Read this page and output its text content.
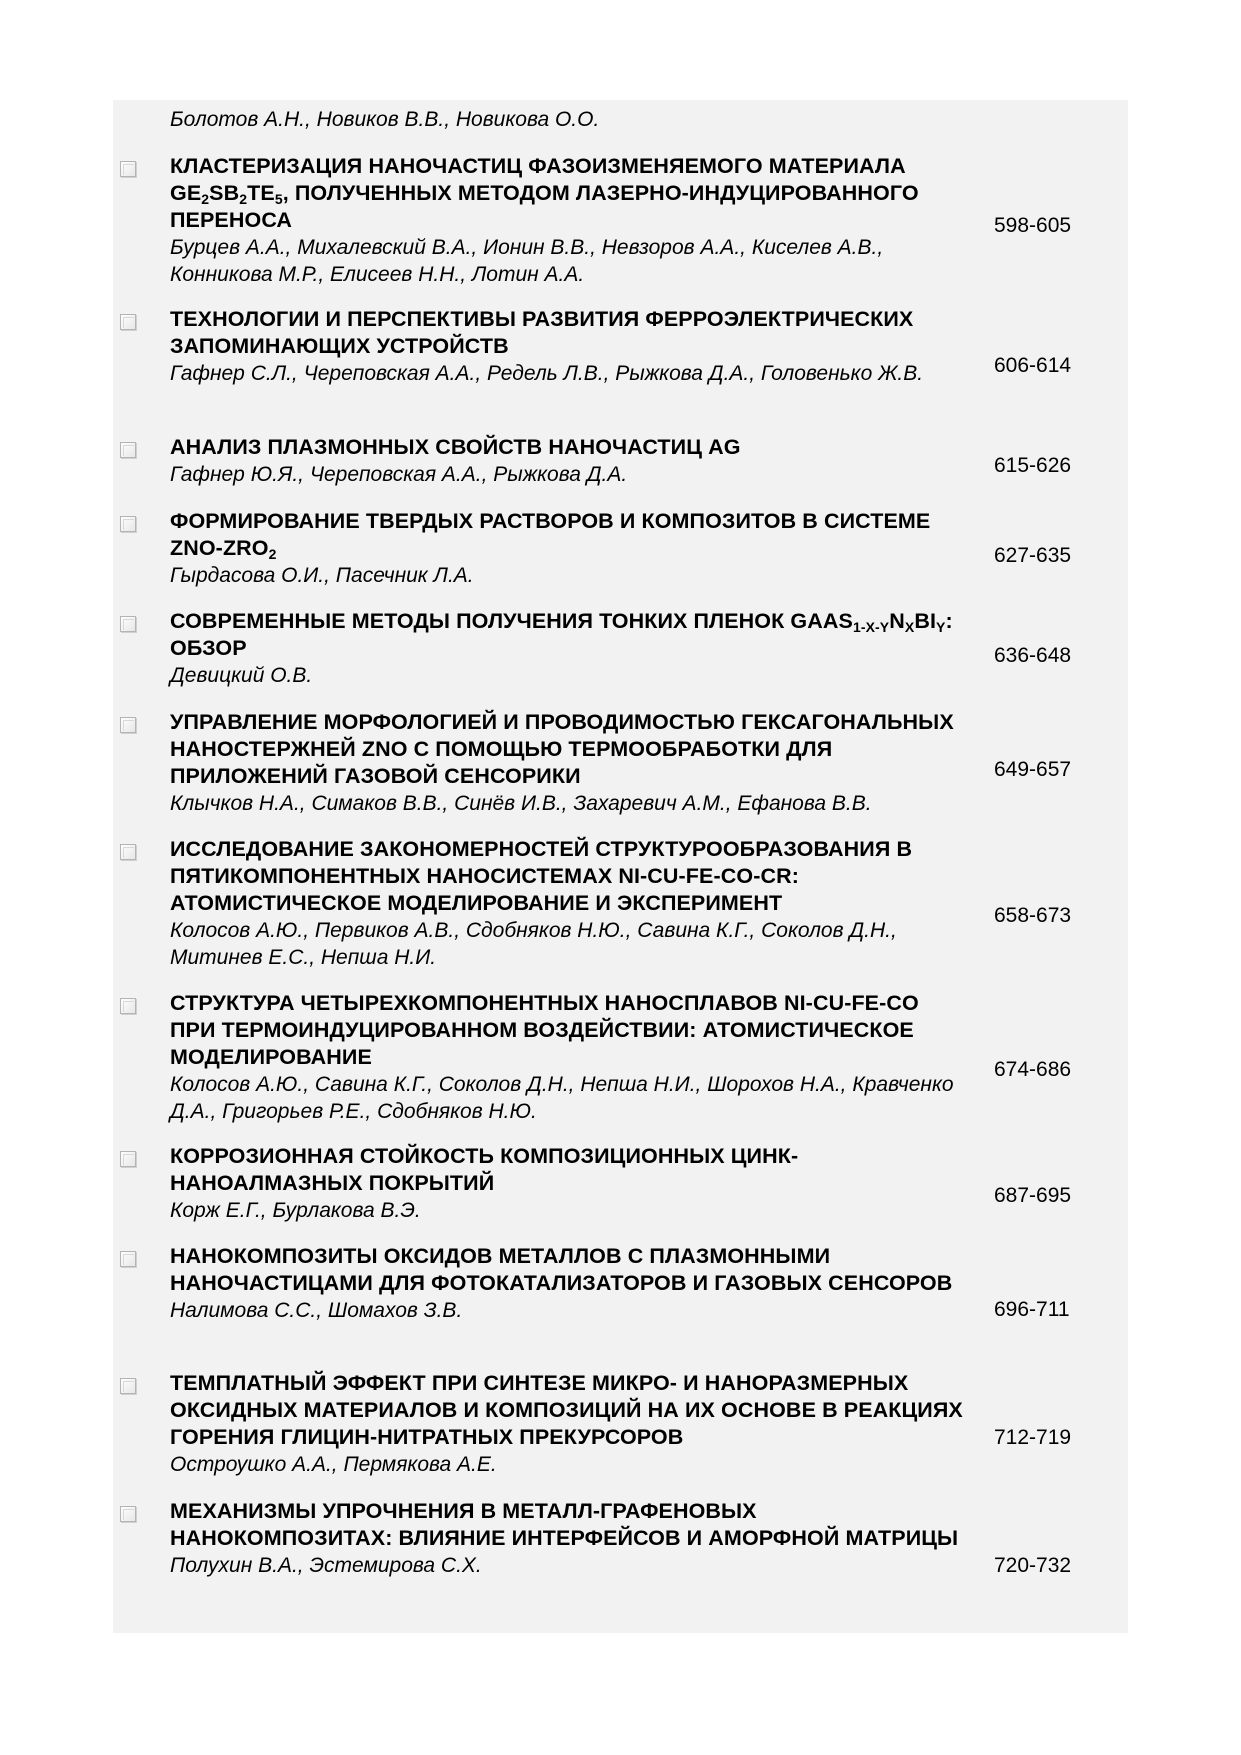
Болотов А.Н., Новиков В.В., Новикова О.О.
КЛАСТЕРИЗАЦИЯ НАНОЧАСТИЦ ФАЗОИЗМЕНЯЕМОГО МАТЕРИАЛА $GE_2SB_2TE_5$, ПОЛУЧЕННЫХ МЕТОДОМ ЛАЗЕРНО-ИНДУЦИРОВАННОГО ПЕРЕНОСА
Бурцев А.А., Михалевский В.А., Ионин В.В., Невзоров А.А., Киселев А.В., Конникова М.Р., Елисеев Н.Н., Лотин А.А.
598-605
ТЕХНОЛОГИИ И ПЕРСПЕКТИВЫ РАЗВИТИЯ ФЕРРОЭЛЕКТРИЧЕСКИХ ЗАПОМИНАЮЩИХ УСТРОЙСТВ
Гафнер С.Л., Череповская А.А., Редель Л.В., Рыжкова Д.А., Головенько Ж.В.	606-614
АНАЛИЗ ПЛАЗМОННЫХ СВОЙСТВ НАНОЧАСТИЦ AG
Гафнер Ю.Я., Череповская А.А., Рыжкова Д.А.	615-626
ФОРМИРОВАНИЕ ТВЕРДЫХ РАСТВОРОВ И КОМПОЗИТОВ В СИСТЕМЕ ZNO-$ZRO_2$
Гырдасова О.И., Пасечник Л.А.
627-635
СОВРЕМЕННЫЕ МЕТОДЫ ПОЛУЧЕНИЯ ТОНКИХ ПЛЕНОК $GAAS_{1-X-Y}N_XBI_Y$: ОБЗОР
Девицкий О.В.
636-648
УПРАВЛЕНИЕ МОРФОЛОГИЕЙ И ПРОВОДИМОСТЬЮ ГЕКСАГОНАЛЬНЫХ НАНОСТЕРЖНЕЙ ZNO С ПОМОЩЬЮ ТЕРМООБРАБОТКИ ДЛЯ ПРИЛОЖЕНИЙ ГАЗОВОЙ СЕНСОРИКИ
Клычков Н.А., Симаков В.В., Синёв И.В., Захаревич А.М., Ефанова В.В.
649-657
ИССЛЕДОВАНИЕ ЗАКОНОМЕРНОСТЕЙ СТРУКТУРООБРАЗОВАНИЯ В ПЯТИКОМПОНЕНТНЫХ НАНОСИСТЕМАХ NI-CU-FE-CO-CR: АТОМИСТИЧЕСКОЕ МОДЕЛИРОВАНИЕ И ЭКСПЕРИМЕНТ
Колосов А.Ю., Первиков А.В., Сдобняков Н.Ю., Савина К.Г., Соколов Д.Н., Митинев Е.С., Непша Н.И.
658-673
СТРУКТУРА ЧЕТЫРЕХКОМПОНЕНТНЫХ НАНОСПЛАВОВ NI-CU-FE-CO ПРИ ТЕРМОИНДУЦИРОВАННОМ ВОЗДЕЙСТВИИ: АТОМИСТИЧЕСКОЕ МОДЕЛИРОВАНИЕ
Колосов А.Ю., Савина К.Г., Соколов Д.Н., Непша Н.И., Шорохов Н.А., Кравченко Д.А., Григорьев Р.Е., Сдобняков Н.Ю.
674-686
КОРРОЗИОННАЯ СТОЙКОСТЬ КОМПОЗИЦИОННЫХ ЦИНК-НАНОАЛМАЗНЫХ ПОКРЫТИЙ
Корж Е.Г., Бурлакова В.Э.
687-695
НАНОКОМПОЗИТЫ ОКСИДОВ МЕТАЛЛОВ С ПЛАЗМОННЫМИ НАНОЧАСТИЦАМИ ДЛЯ ФОТОКАТАЛИЗАТОРОВ И ГАЗОВЫХ СЕНСОРОВ
Налимова С.С., Шомахов З.В.	696-711
ТЕМПЛАТНЫЙ ЭФФЕКТ ПРИ СИНТЕЗЕ МИКРО- И НАНОРАЗМЕРНЫХ ОКСИДНЫХ МАТЕРИАЛОВ И КОМПОЗИЦИЙ НА ИХ ОСНОВЕ В РЕАКЦИЯХ ГОРЕНИЯ ГЛИЦИН-НИТРАТНЫХ ПРЕКУРСОРОВ
Остроушко А.А., Пермякова А.Е.
712-719
МЕХАНИЗМЫ УПРОЧНЕНИЯ В МЕТАЛЛ-ГРАФЕНОВЫХ НАНОКОМПОЗИТАХ: ВЛИЯНИЕ ИНТЕРФЕЙСОВ И АМОРФНОЙ МАТРИЦЫ
Полухин В.А., Эстемирова С.Х.	720-732
